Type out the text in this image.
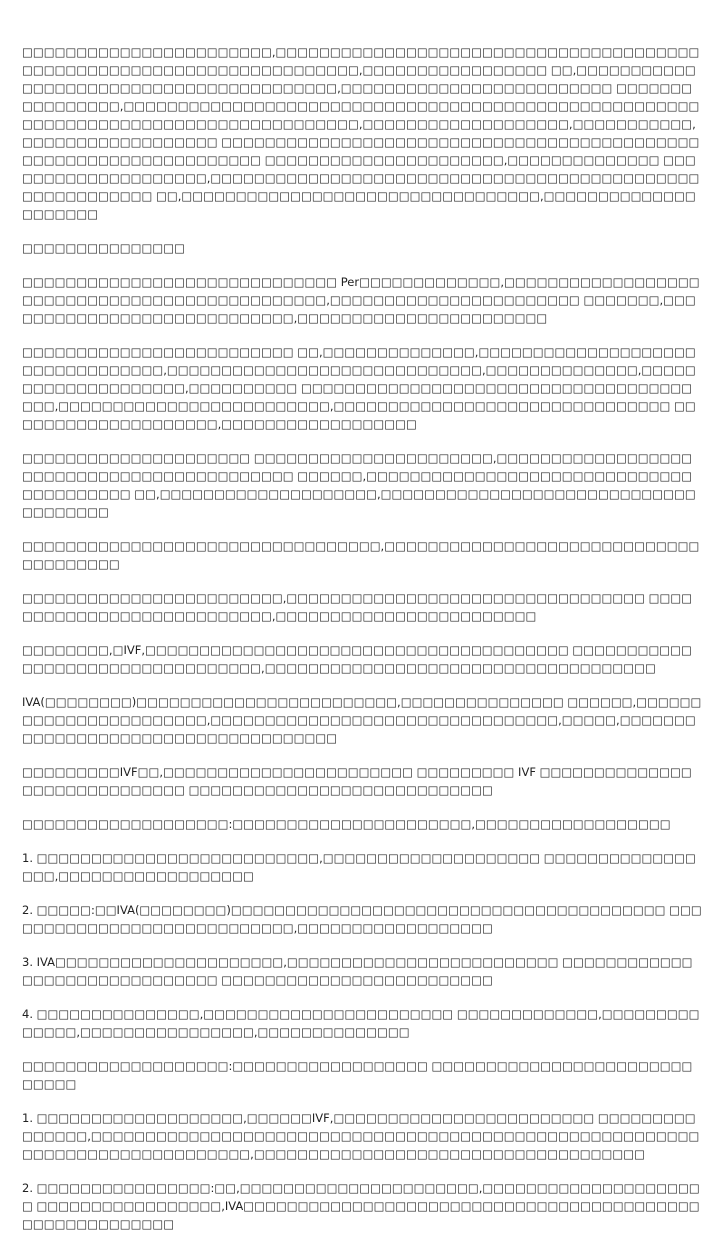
□□□□□□□□□□□□□□□□□□□□□□□,□□□□□□□□□□□□□□□□□□□□□□□□□□□□□□□□□□□□□□□□□□□□□□□□□□□□□□□□□□□□□□□□□□□□□□,□□□□□□□□□□□□□□□□□ □□,□□□□□□□□□□□□□□□□□□□□□□□□□□□□□□□□□□□□□□□□,□□□□□□□□□□□□□□□□□□□□□□□□□ □□□□□□□□□□□□□□□□,□□□□□□□□□□□□□□□□□□□□□□□□□□□□□□□□□□□□□□□□□□□□□□□□□□□□□□□□□□□□□□□□□□□□□□□□□□□□□□□□□□□□,□□□□□□□□□□□□□□□□□□□,□□□□□□□□□□□,□□□□□□□□□□□□□□□□□□ □□□□□□□□□□□□□□□□□□□□□□□□□□□□□□□□□□□□□□□□□□□□□□□□□□□□□□□□□□□□□□□□□□ □□□□□□□□□□□□□□□□□□□□□□,□□□□□□□□□□□□□□ □□□□□□□□□□□□□□□□□□□□,□□□□□□□□□□□□□□□□□□□□□□□□□□□□□□□□□□□□□□□□□□□□□□□□□□□□□□□□□ □□,□□□□□□□□□□□□□□□□□□□□□□□□□□□□□□□□□,□□□□□□□□□□□□□□□□□□□□□

□□□□□□□□□□□□□□□

□□□□□□□□□□□□□□□□□□□□□□□□□□□□□ Per□□□□□□□□□□□□□,□□□□□□□□□□□□□□□□□□□□□□□□□□□□□□□□□□□□□□□□□□□□□□,□□□□□□□□□□□□□□□□□□□□□□□ □□□□□□□,□□□□□□□□□□□□□□□□□□□□□□□□□□□□,□□□□□□□□□□□□□□□□□□□□□□□

□□□□□□□□□□□□□□□□□□□□□□□□□ □□,□□□□□□□□□□□□□□,□□□□□□□□□□□□□□□□□□□□ □□□□□□□□□□□□□,□□□□□□□□□□□□□□□□□□□□□□□□□□□□□,□□□□□□□□□□□□□□,□□□□□□□□□□□□□□□□□□□□,□□□□□□□□□□ □□□□□□□□□□□□□□□□□□□□□□□□□□□□□□□□□□□□□□□,□□□□□□□□□□□□□□□□□□□□□□□□□,□□□□□□□□□□□□□□□□□□□□□□□□□□□□□□□ □□□□□□□□□□□□□□□□□□□□,□□□□□□□□□□□□□□□□□□

□□□□□□□□□□□□□□□□□□□□□ □□□□□□□□□□□□□□□□□□□□□□,□□□□□□□□□□□□□□□□□□□□□□□□□□□□□□□□□□□□□□□□□□□ □□□□□□,□□□□□□□□□□□□□□□□□□□□□□□□□□□□□□□□□□□□□□□□ □□,□□□□□□□□□□□□□□□□□□□□,□□□□□□□□□□□□□□□□□□□□□□□□□□□□□□□□□□□□□

□□□□□□□□□□□□□□□□□□□□□□□□□□□□□□□□□,□□□□□□□□□□□□□□□□□□□□□□□□□□□□□□□□□□□□□□

□□□□□□□□□□□□□□□□□□□□□□□□,□□□□□□□□□□□□□□□□□□□□□□□□□□□□□□□□□ □□□□□□□□□□□□□□□□□□□□□□□□□□□,□□□□□□□□□□□□□□□□□□□□□□□□

□□□□□□□□,□IVF,□□□□□□□□□□□□□□□□□□□□□□□□□□□□□□□□□□□□□□□ □□□□□□□□□□□□□□□□□□□□□□□□□□□□□□□□□,□□□□□□□□□□□□□□□□□□□□□□□□□□□□□□□□□□□□

IVA(□□□□□□□□)□□□□□□□□□□□□□□□□□□□□□□□□,□□□□□□□□□□□□□□□ □□□□□□,□□□□□□□□□□□□□□□□□□□□□□□,□□□□□□□□□□□□□□□□□□□□□□□□□□□□□□□□,□□□□□,□□□□□□□□□□□□□□□□□□□□□□□□□□□□□□□□□□□□

□□□□□□□□□IVF□□,□□□□□□□□□□□□□□□□□□□□□□□ □□□□□□□□□ IVF □□□□□□□□□□□□□□□□□□□□□□□□□□□□□ □□□□□□□□□□□□□□□□□□□□□□□□□□□□

□□□□□□□□□□□□□□□□□□□:□□□□□□□□□□□□□□□□□□□□□□,□□□□□□□□□□□□□□□□□□

1. □□□□□□□□□□□□□□□□□□□□□□□□□□,□□□□□□□□□□□□□□□□□□□□ □□□□□□□□□□□□□□□□□,□□□□□□□□□□□□□□□□□□

2. □□□□□:□□IVA(□□□□□□□□)□□□□□□□□□□□□□□□□□□□□□□□□□□□□□□□□□□□□□□□□ □□□□□□□□□□□□□□□□□□□□□□□□□□□□,□□□□□□□□□□□□□□□□□□

3. IVA□□□□□□□□□□□□□□□□□□□□□,□□□□□□□□□□□□□□□□□□□□□□□□□ □□□□□□□□□□□□□□□□□□□□□□□□□□□□□□ □□□□□□□□□□□□□□□□□□□□□□□□□

4. □□□□□□□□□□□□□□□,□□□□□□□□□□□□□□□□□□□□□□□ □□□□□□□□□□□□□,□□□□□□□□□□□□□□,□□□□□□□□□□□□□□□□,□□□□□□□□□□□□□□

□□□□□□□□□□□□□□□□□□□:□□□□□□□□□□□□□□□□□□ □□□□□□□□□□□□□□□□□□□□□□□□□□□□□

1. □□□□□□□□□□□□□□□□□□□,□□□□□□IVF,□□□□□□□□□□□□□□□□□□□□□□□□ □□□□□□□□□□□□□□□,□□□□□□□□□□□□□□□□□□□□□□□□□□□□□□□□□□□□□□□□□□□□□□□□□□□□□□□□□□□□□□□□□□□□□□□□□□□□□,□□□□□□□□□□□□□□□□□□□□□□□□□□□□□□□□□□□□

2. □□□□□□□□□□□□□□□□:□□,□□□□□□□□□□□□□□□□□□□□□□,□□□□□□□□□□□□□□□□□□□□□ □□□□□□□□□□□□□□□□□,IVA□□□□□□□□□□□□□□□□□□□□□□□□□□□□□□□□□□□□□□□□□□□□□□□□□□□□□□□□
